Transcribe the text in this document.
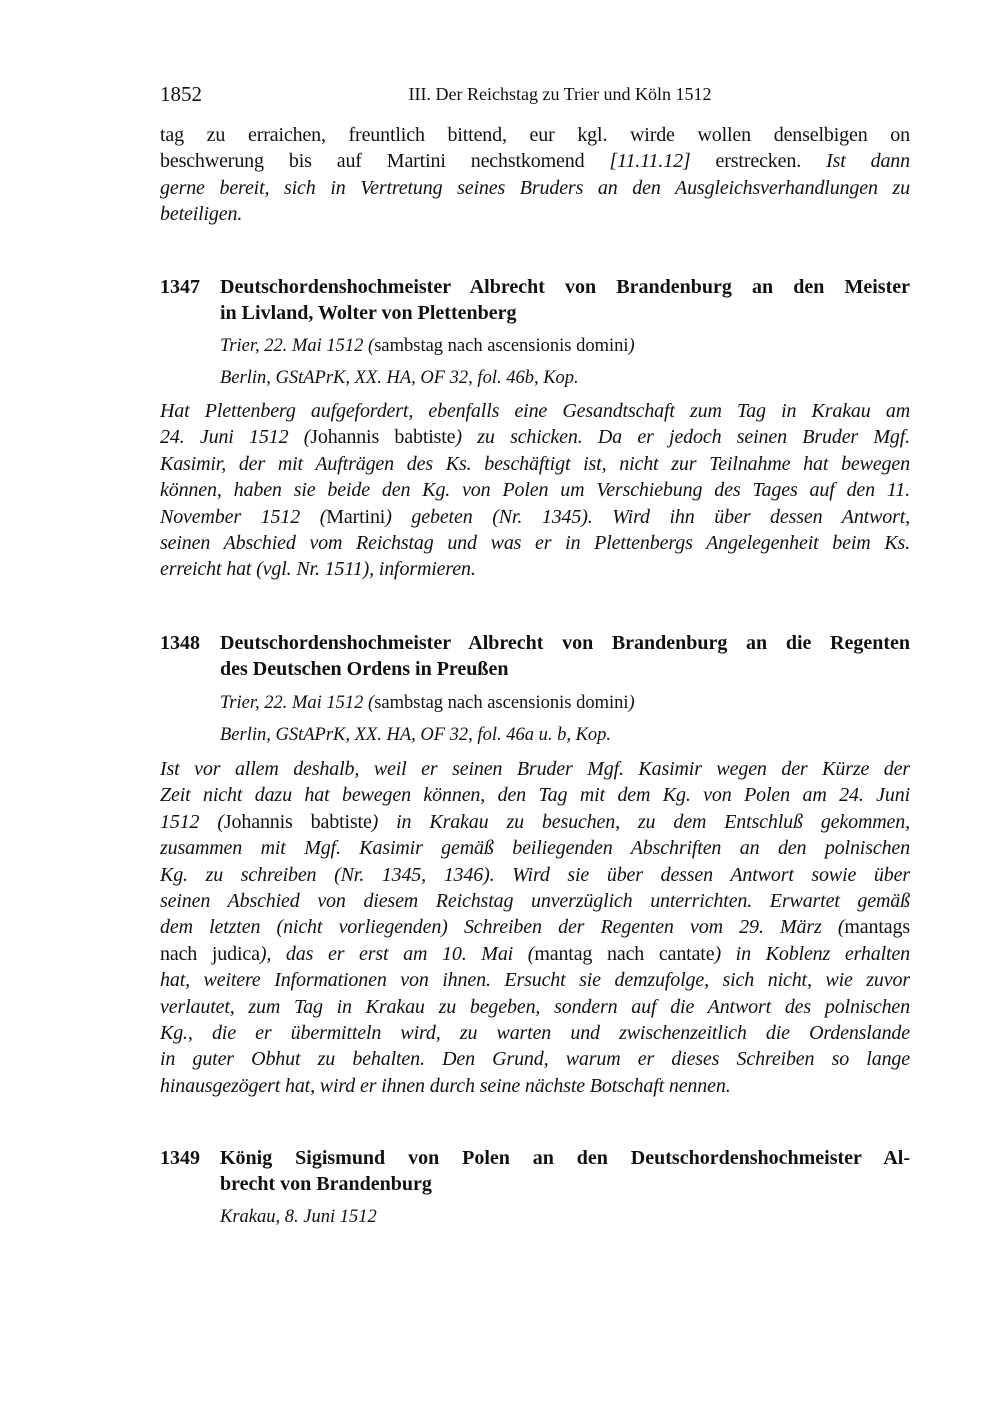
1852	III. Der Reichstag zu Trier und Köln 1512
tag zu erraichen, freuntlich bittend, eur kgl. wirde wollen denselbigen on
beschwerung bis auf Martini nechstkomend [11.11.12] erstrecken. Ist dann
gerne bereit, sich in Vertretung seines Bruders an den Ausgleichsverhandlungen zu
beteiligen.
1347 Deutschordenshochmeister Albrecht von Brandenburg an den Meister
in Livland, Wolter von Plettenberg
Trier, 22. Mai 1512 (sambstag nach ascensionis domini)
Berlin, GStAPrK, XX. HA, OF 32, fol. 46b, Kop.
Hat Plettenberg aufgefordert, ebenfalls eine Gesandtschaft zum Tag in Krakau am
24. Juni 1512 (Johannis babtiste) zu schicken. Da er jedoch seinen Bruder Mgf.
Kasimir, der mit Aufträgen des Ks. beschäftigt ist, nicht zur Teilnahme hat bewegen
können, haben sie beide den Kg. von Polen um Verschiebung des Tages auf den 11.
November 1512 (Martini) gebeten (Nr. 1345). Wird ihn über dessen Antwort,
seinen Abschied vom Reichstag und was er in Plettenbergs Angelegenheit beim Ks.
erreicht hat (vgl. Nr. 1511), informieren.
1348 Deutschordenshochmeister Albrecht von Brandenburg an die Regenten
des Deutschen Ordens in Preußen
Trier, 22. Mai 1512 (sambstag nach ascensionis domini)
Berlin, GStAPrK, XX. HA, OF 32, fol. 46a u. b, Kop.
Ist vor allem deshalb, weil er seinen Bruder Mgf. Kasimir wegen der Kürze der
Zeit nicht dazu hat bewegen können, den Tag mit dem Kg. von Polen am 24. Juni
1512 (Johannis babtiste) in Krakau zu besuchen, zu dem Entschluß gekommen,
zusammen mit Mgf. Kasimir gemäß beiliegenden Abschriften an den polnischen
Kg. zu schreiben (Nr. 1345, 1346). Wird sie über dessen Antwort sowie über
seinen Abschied von diesem Reichstag unverzüglich unterrichten. Erwartet gemäß
dem letzten (nicht vorliegenden) Schreiben der Regenten vom 29. März (mantags
nach judica), das er erst am 10. Mai (mantag nach cantate) in Koblenz erhalten
hat, weitere Informationen von ihnen. Ersucht sie demzufolge, sich nicht, wie zuvor
verlautet, zum Tag in Krakau zu begeben, sondern auf die Antwort des polnischen
Kg., die er übermitteln wird, zu warten und zwischenzeitlich die Ordenslande
in guter Obhut zu behalten. Den Grund, warum er dieses Schreiben so lange
hinausgezögert hat, wird er ihnen durch seine nächste Botschaft nennen.
1349 König Sigismund von Polen an den Deutschordenshochmeister Al-
brecht von Brandenburg
Krakau, 8. Juni 1512
